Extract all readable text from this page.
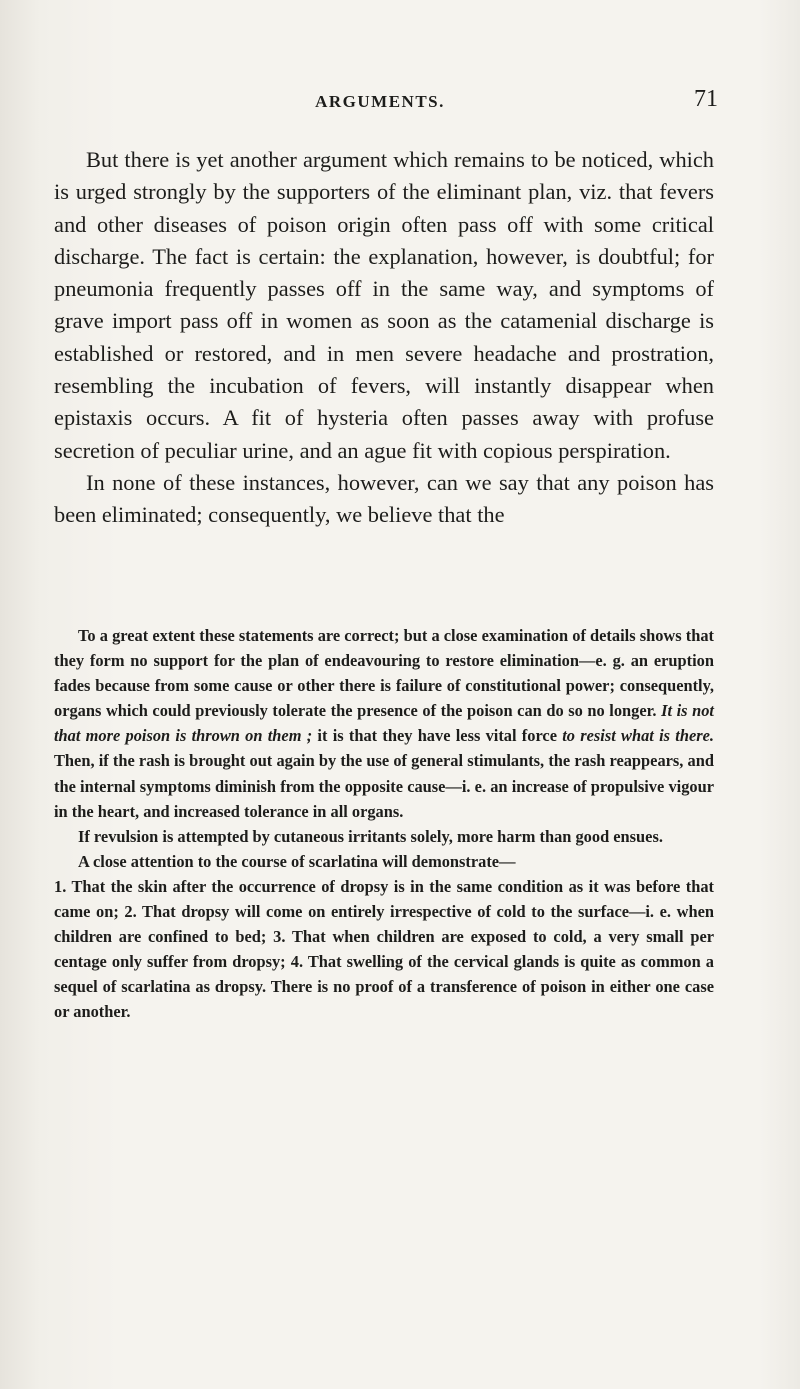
ARGUMENTS.	71

But there is yet another argument which remains to be noticed, which is urged strongly by the supporters of the eliminant plan, viz. that fevers and other diseases of poison origin often pass off with some critical discharge. The fact is certain: the explanation, however, is doubtful; for pneumonia frequently passes off in the same way, and symptoms of grave import pass off in women as soon as the catamenial discharge is established or restored, and in men severe headache and prostration, resembling the incubation of fevers, will instantly disappear when epistaxis occurs. A fit of hysteria often passes away with profuse secretion of peculiar urine, and an ague fit with copious perspiration.

In none of these instances, however, can we say that any poison has been eliminated; consequently, we believe that the

To a great extent these statements are correct; but a close examination of details shows that they form no support for the plan of endeavouring to restore elimination—e. g. an eruption fades because from some cause or other there is failure of constitutional power; consequently, organs which could previously tolerate the presence of the poison can do so no longer. It is not that more poison is thrown on them ; it is that they have less vital force to resist what is there. Then, if the rash is brought out again by the use of general stimulants, the rash reappears, and the internal symptoms diminish from the opposite cause—i. e. an increase of propulsive vigour in the heart, and increased tolerance in all organs.

If revulsion is attempted by cutaneous irritants solely, more harm than good ensues.

A close attention to the course of scarlatina will demonstrate—

1. That the skin after the occurrence of dropsy is in the same condition as it was before that came on; 2. That dropsy will come on entirely irrespective of cold to the surface—i. e. when children are confined to bed; 3. That when children are exposed to cold, a very small per centage only suffer from dropsy; 4. That swelling of the cervical glands is quite as common a sequel of scarlatina as dropsy. There is no proof of a transference of poison in either one case or another.
